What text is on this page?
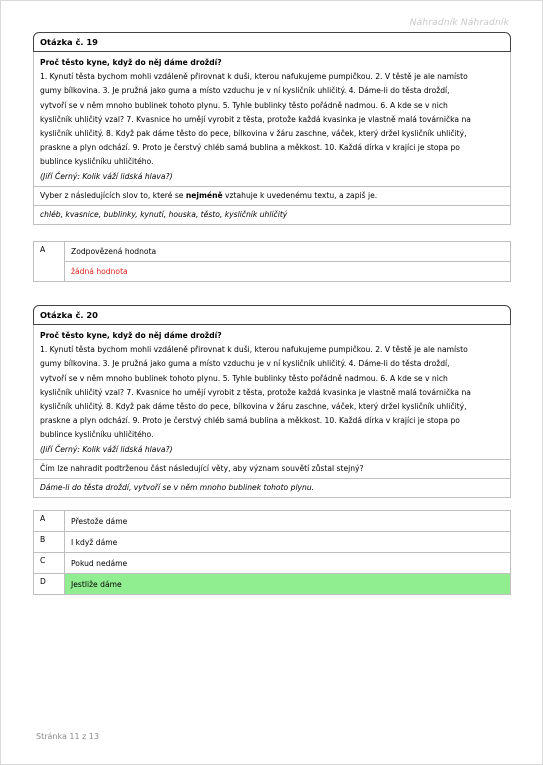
Náhradník Náhradník
Otázka č. 19
Proč těsto kyne, když do něj dáme droždí?
1. Kynutí těsta bychom mohli vzdáleně přirovnat k duši, kterou nafukujeme pumpičkou. 2. V těstě je ale namísto
gumy bílkovina. 3. Je pružná jako guma a místo vzduchu je v ní kysličník uhličitý. 4. Dáme-li do těsta droždí,
vytvoří se v něm mnoho bublinek tohoto plynu. 5. Tyhle bublinky těsto pořádně nadmou. 6. A kde se v nich
kysličník uhličitý vzal? 7. Kvasnice ho umějí vyrobit z těsta, protože každá kvasinka je vlastně malá továrnička na
kysličník uhličitý. 8. Když pak dáme těsto do pece, bílkovina v žáru zaschne, váček, který držel kysličník uhličitý,
praskne a plyn odchází. 9. Proto je čerstvý chléb samá bublina a měkkost. 10. Každá dírka v krajíci je stopa po
bublince kysličníku uhličitého.
(Jiří Černý: Kolik váží lidská hlava?)
Vyber z následujících slov to, které se nejméně vztahuje k uvedenému textu, a zapiš je.
chléb, kvasnice, bublinky, kynutí, houska, těsto, kysličník uhličitý
A	Zodpovězená hodnota
žádná hodnota
Otázka č. 20
Proč těsto kyne, když do něj dáme droždí?
1. Kynutí těsta bychom mohli vzdáleně přirovnat k duši, kterou nafukujeme pumpičkou. 2. V těstě je ale namísto
gumy bílkovina. 3. Je pružná jako guma a místo vzduchu je v ní kysličník uhličitý. 4. Dáme-li do těsta droždí,
vytvoří se v něm mnoho bublinek tohoto plynu. 5. Tyhle bublinky těsto pořádně nadmou. 6. A kde se v nich
kysličník uhličitý vzal? 7. Kvasnice ho umějí vyrobit z těsta, protože každá kvasinka je vlastně malá továrnička na
kysličník uhličitý. 8. Když pak dáme těsto do pece, bílkovina v žáru zaschne, váček, který držel kysličník uhličitý,
praskne a plyn odchází. 9. Proto je čerstvý chléb samá bublina a měkkost. 10. Každá dírka v krajíci je stopa po
bublince kysličníku uhličitého.
(Jiří Černý: Kolik váží lidská hlava?)
Čím lze nahradit podtrženou část následující věty, aby význam souvětí zůstal stejný?
Dáme-li do těsta droždí, vytvoří se v něm mnoho bublinek tohoto plynu.
A	Přestože dáme
B	I když dáme
C	Pokud nedáme
D	Jestliže dáme
Stránka 11 z 13
